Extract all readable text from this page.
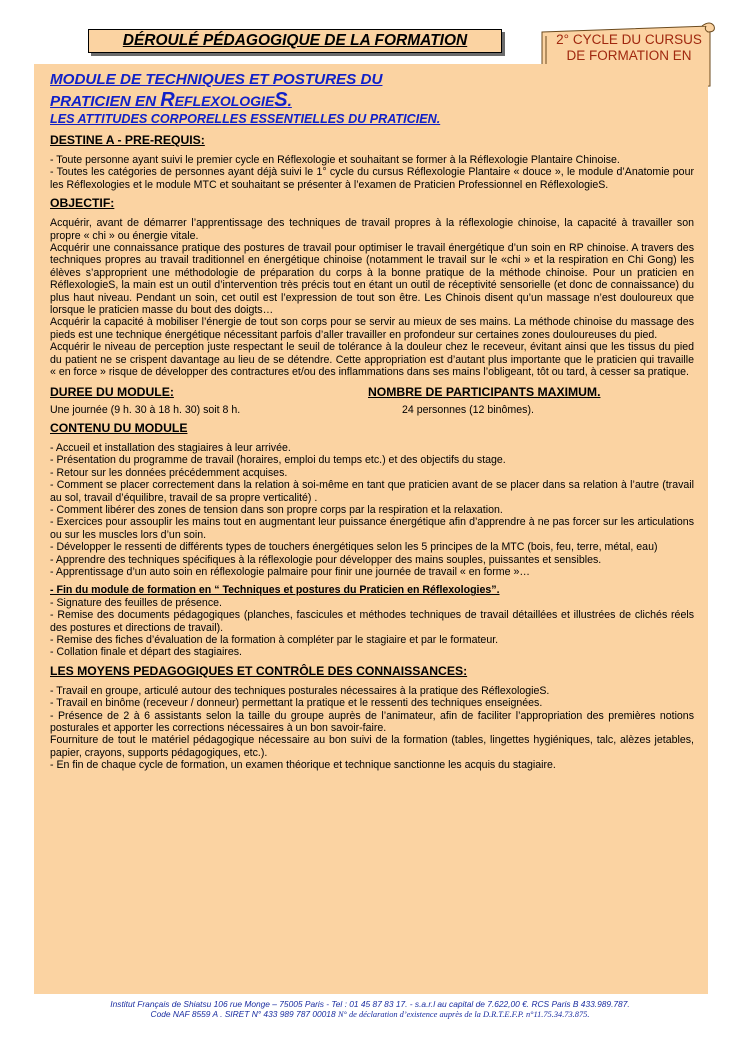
DÉROULÉ PÉDAGOGIQUE DE LA FORMATION	2° CYCLE DU CURSUS
DE FORMATION EN
MODULE DE TECHNIQUES ET POSTURES DU
PRATICIEN EN REFLEXOLOGIES.
LES ATTITUDES CORPORELLES ESSENTIELLES DU PRATICIEN.
DESTINE A - PRE-REQUIS:

- Toute personne ayant suivi le premier cycle en Réflexologie et souhaitant se former à la Réflexologie Plantaire Chinoise.

- Toutes les catégories de personnes ayant déjà suivi le 1° cycle du cursus Réflexologie Plantaire « douce », le module d’Anatomie pour les Réflexologies et le module MTC et souhaitant se présenter à l’examen de Praticien Professionnel en RéflexologieS.

OBJECTIF:

Acquérir, avant de démarrer l’apprentissage des techniques de travail propres à la réflexologie chinoise, la capacité à travailler son propre « chi » ou énergie vitale.

Acquérir une connaissance pratique des postures de travail pour optimiser le travail énergétique d’un soin en RP chinoise. A travers des techniques propres au travail traditionnel en énergétique chinoise (notamment le travail sur le «chi » et la respiration en Chi Gong) les élèves s’approprient une méthodologie de préparation du corps à la bonne pratique de la méthode chinoise. Pour un praticien en RéflexologieS, la main est un outil d’intervention très précis tout en étant un outil de réceptivité sensorielle (et donc de connaissance) du plus haut niveau. Pendant un soin, cet outil est l’expression de tout son être. Les Chinois disent qu’un massage n’est douloureux que lorsque le praticien masse du bout des doigts…

Acquérir la capacité à mobiliser l’énergie de tout son corps pour se servir au mieux de ses mains. La méthode chinoise du massage des pieds est une technique énergétique nécessitant parfois d’aller travailler en profondeur sur certaines zones douloureuses du pied.

Acquérir le niveau de perception juste respectant le seuil de tolérance à la douleur chez le receveur, évitant ainsi que les tissus du pied du patient ne se crispent davantage au lieu de se détendre. Cette appropriation est d’autant plus importante que le praticien qui travaille « en force » risque de développer des contractures et/ou des inflammations dans ses mains l’obligeant, tôt ou tard, à cesser sa pratique.

DUREE DU MODULE:
Une journée (9 h. 30 à 18 h. 30) soit 8 h.
NOMBRE DE PARTICIPANTS MAXIMUM.
24 personnes (12 binômes).
CONTENU DU MODULE

- Accueil et installation des stagiaires à leur arrivée.

- Présentation du programme de travail (horaires, emploi du temps etc.) et des objectifs du stage.

- Retour sur les données précédemment acquises.

- Comment se placer correctement dans la relation à soi-même en tant que praticien avant de se placer dans sa relation à l’autre (travail au sol, travail d’équilibre, travail de sa propre verticalité) .

- Comment libérer des zones de tension dans son propre corps par la respiration et la relaxation.

- Exercices pour assouplir les mains tout en augmentant leur puissance énergétique afin d’apprendre à ne pas forcer sur les articulations ou sur les muscles lors d’un soin.

- Développer le ressenti de différents types de touchers énergétiques selon les 5 principes de la MTC (bois, feu, terre, métal, eau)

- Apprendre des techniques spécifiques à la réflexologie pour développer des mains souples, puissantes et sensibles.

- Apprentissage d’un auto soin en réflexologie palmaire pour finir une journée de travail « en forme »…

- Fin du module de formation en “ Techniques et postures du Praticien en Réflexologies”.

- Signature des feuilles de présence.

- Remise des documents pédagogiques (planches, fascicules et méthodes techniques de travail détaillées et illustrées de clichés réels des postures et directions de travail).

- Remise des fiches d’évaluation de la formation à compléter par le stagiaire et par le formateur.

- Collation finale et départ des stagiaires.

LES MOYENS PEDAGOGIQUES ET CONTRÔLE DES CONNAISSANCES:

- Travail en groupe, articulé autour des techniques posturales nécessaires à la pratique des RéflexologieS.

- Travail en binôme (receveur / donneur) permettant la pratique et le ressenti des techniques enseignées.

- Présence de 2 à 6 assistants selon la taille du groupe auprès de l’animateur, afin de faciliter l’appropriation des premières notions posturales et apporter les corrections nécessaires à un bon savoir-faire.

Fourniture de tout le matériel pédagogique nécessaire au bon suivi de la formation (tables, lingettes hygiéniques, talc, alèzes jetables, papier, crayons, supports pédagogiques, etc.).

- En fin de chaque cycle de formation, un examen théorique et technique sanctionne les acquis du stagiaire.

Institut Français de Shiatsu 106 rue Monge – 75005 Paris - Tel : 01 45 87 83 17. - s.a.r.l au capital de 7.622,00 €. RCS Paris B 433.989.787.
Code NAF 8559 A . SIRET N° 433 989 787 00018 N° de déclaration d’existence auprès de la D.R.T.E.F.P. n°11.75.34.73.875.
